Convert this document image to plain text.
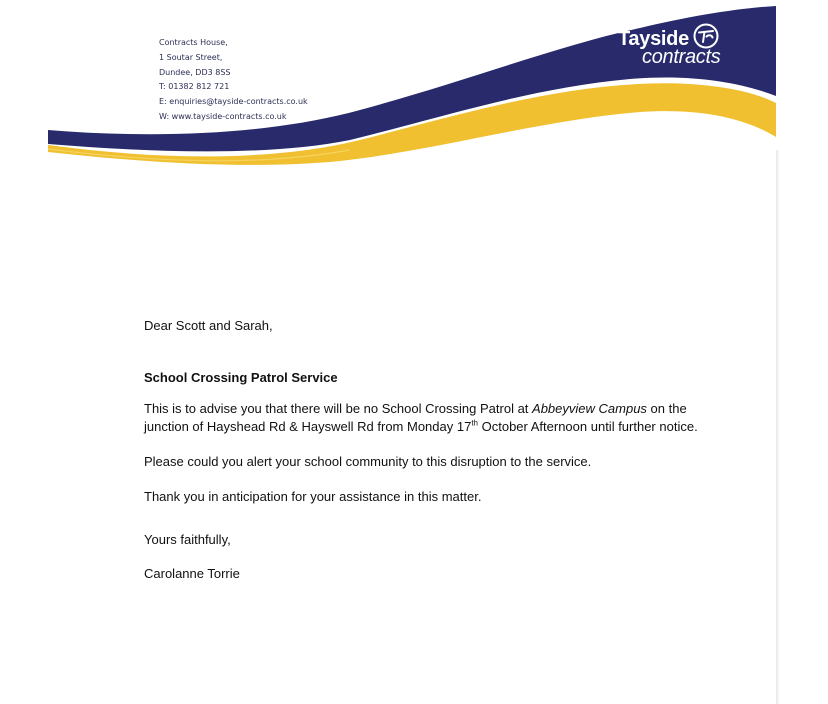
Contracts House,
1 Soutar Street,
Dundee, DD3 8SS
T: 01382 812 721
E: enquiries@tayside-contracts.co.uk
W: www.tayside-contracts.co.uk
Tayside
contracts

Dear Scott and Sarah,

School Crossing Patrol Service

This is to advise you that there will be no School Crossing Patrol at Abbeyview Campus on the junction of Hayshead Rd & Hayswell Rd from Monday 17th October Afternoon until further notice.

Please could you alert your school community to this disruption to the service.

Thank you in anticipation for your assistance in this matter.

Yours faithfully,

Carolanne Torrie
